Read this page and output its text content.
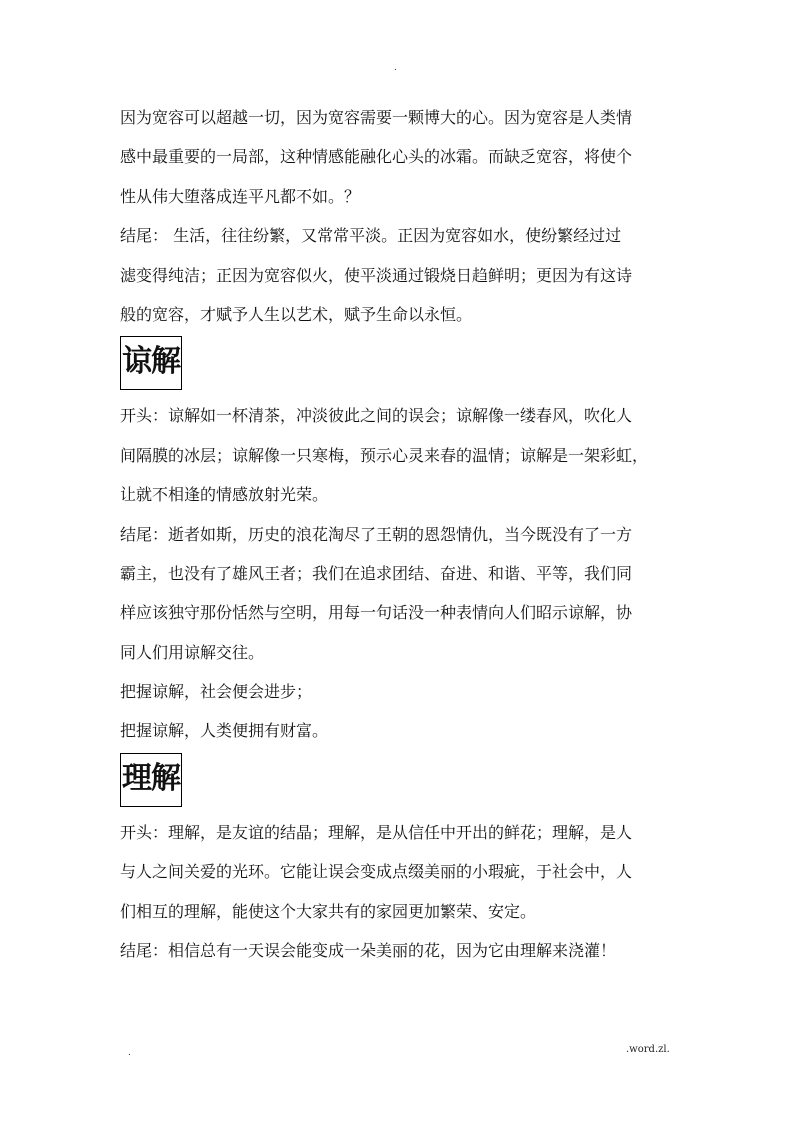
.
因为宽容可以超越一切，因为宽容需要一颗博大的心。因为宽容是人类情
感中最重要的一局部，这种情感能融化心头的冰霜。而缺乏宽容，将使个
性从伟大堕落成连平凡都不如。？
结尾： 生活，往往纷繁，又常常平淡。正因为宽容如水，使纷繁经过过
滤变得纯洁；正因为宽容似火，使平淡通过锻烧日趋鲜明；更因为有这诗
般的宽容，才赋予人生以艺术，赋予生命以永恒。
谅解
开头：谅解如一杯清茶，冲淡彼此之间的误会；谅解像一缕春风，吹化人
间隔膜的冰层；谅解像一只寒梅，预示心灵来春的温情；谅解是一架彩虹，
让就不相逢的情感放射光荣。
结尾：逝者如斯，历史的浪花淘尽了王朝的恩怨情仇，当今既没有了一方
霸主，也没有了雄风王者；我们在追求团结、奋进、和谐、平等，我们同
样应该独守那份恬然与空明，用每一句话没一种表情向人们昭示谅解，协
同人们用谅解交往。
把握谅解，社会便会进步；
把握谅解，人类便拥有财富。
理解
开头：理解，是友谊的结晶；理解，是从信任中开出的鲜花；理解，是人
与人之间关爱的光环。它能让误会变成点缀美丽的小瑕疵，于社会中，人
们相互的理解，能使这个大家共有的家园更加繁荣、安定。
结尾：相信总有一天误会能变成一朵美丽的花，因为它由理解来浇灌！
.	.word.zl.
